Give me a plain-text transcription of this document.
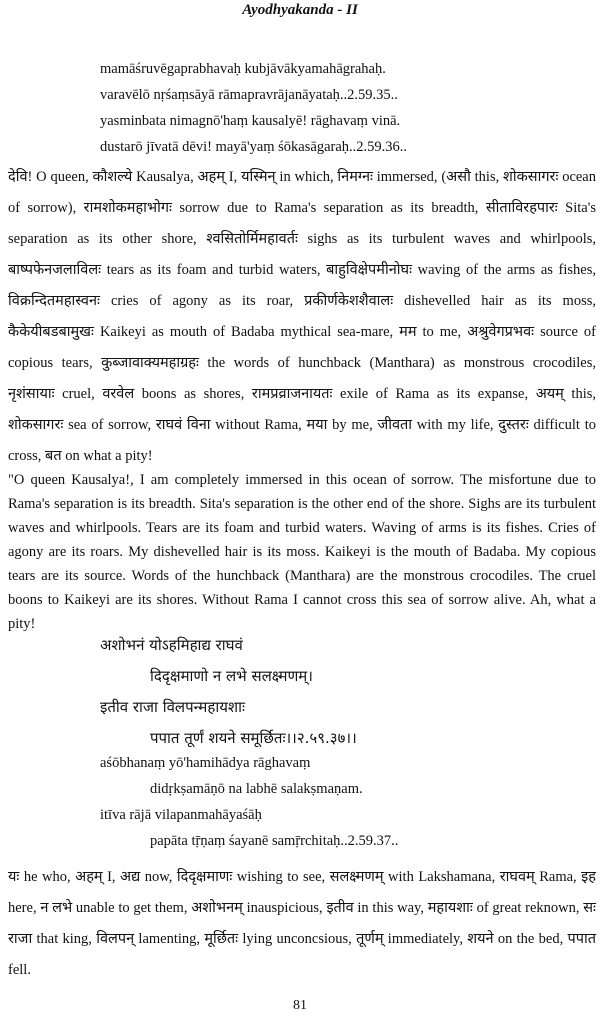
Ayodhyakanda - II
mamāśruvēgaprabhavaḥ kubjāvākyamahāgrahaḥ.
varavēlō nṛśaṃsāyā rāmapravrājanāyataḥ..2.59.35..
yasminbata nimagnō'haṃ kausalyē! rāghavaṃ vinā.
dustarō jīvatā dēvi! mayā'yaṃ śōkasāgaraḥ..2.59.36..

देवि! O queen, कौशल्ये Kausalya, अहम् I, यस्मिन् in which, निमग्नः immersed, (असौ this, शोकसागरः ocean of sorrow), रामशोकमहाभोगः sorrow due to Rama's separation as its breadth, सीताविरहपारः Sita's separation as its other shore, श्वसितोर्मिमहावर्तः sighs as its turbulent waves and whirlpools, बाष्पफेनजलाविलः tears as its foam and turbid waters, बाहुविक्षेपमीनोघः waving of the arms as fishes, विक्रन्दितमहास्वनः cries of agony as its roar, प्रकीर्णकेशशैवालः dishevelled hair as its moss, कैकेयीबडबामुखः Kaikeyi as mouth of Badaba mythical sea-mare, मम to me, अश्रुवेगप्रभवः source of copious tears, कुब्जावाक्यमहाग्रहः the words of hunchback (Manthara) as monstrous crocodiles, नृशंसायाः cruel, वरवेल boons as shores, रामप्रव्राजनायतः exile of Rama as its expanse, अयम् this, शोकसागरः sea of sorrow, राघवं विना without Rama, मया by me, जीवता with my life, दुस्तरः difficult to cross, बत on what a pity!

"O queen Kausalya!, I am completely immersed in this ocean of sorrow. The misfortune due to Rama's separation is its breadth. Sita's separation is the other end of the shore. Sighs are its turbulent waves and whirlpools. Tears are its foam and turbid waters. Waving of arms is its fishes. Cries of agony are its roars. My dishevelled hair is its moss. Kaikeyi is the mouth of Badaba. My copious tears are its source. Words of the hunchback (Manthara) are the monstrous crocodiles. The cruel boons to Kaikeyi are its shores. Without Rama I cannot cross this sea of sorrow alive. Ah, what a pity!

अशोभनं योऽहमिहाद्य राघवं
दिदृक्षमाणो न लभे सलक्ष्मणम्।
इतीव राजा विलपन्महायशाः
पपात तूर्णं शयने समूर्छितः।।२.५९.३७।।
aśōbhanaṃ yō'hamihādya rāghavaṃ
didṛkṣamāṇō na labhē salakṣmaṇam.
itīva rājā vilapanmahāyaśāḥ
papāta tṝṇaṃ śayanē samṝrchitaḥ..2.59.37..

यः he who, अहम् I, अद्य now, दिदृक्षमाणः wishing to see, सलक्ष्मणम् with Lakshamana, राघवम् Rama, इह here, न लभे unable to get them, अशोभनम् inauspicious, इतीव in this way, महायशाः of great reknown, सः राजा that king, विलपन् lamenting, मूर्छितः lying unconcsious, तूर्णम् immediately, शयने on the bed, पपात fell.

81
